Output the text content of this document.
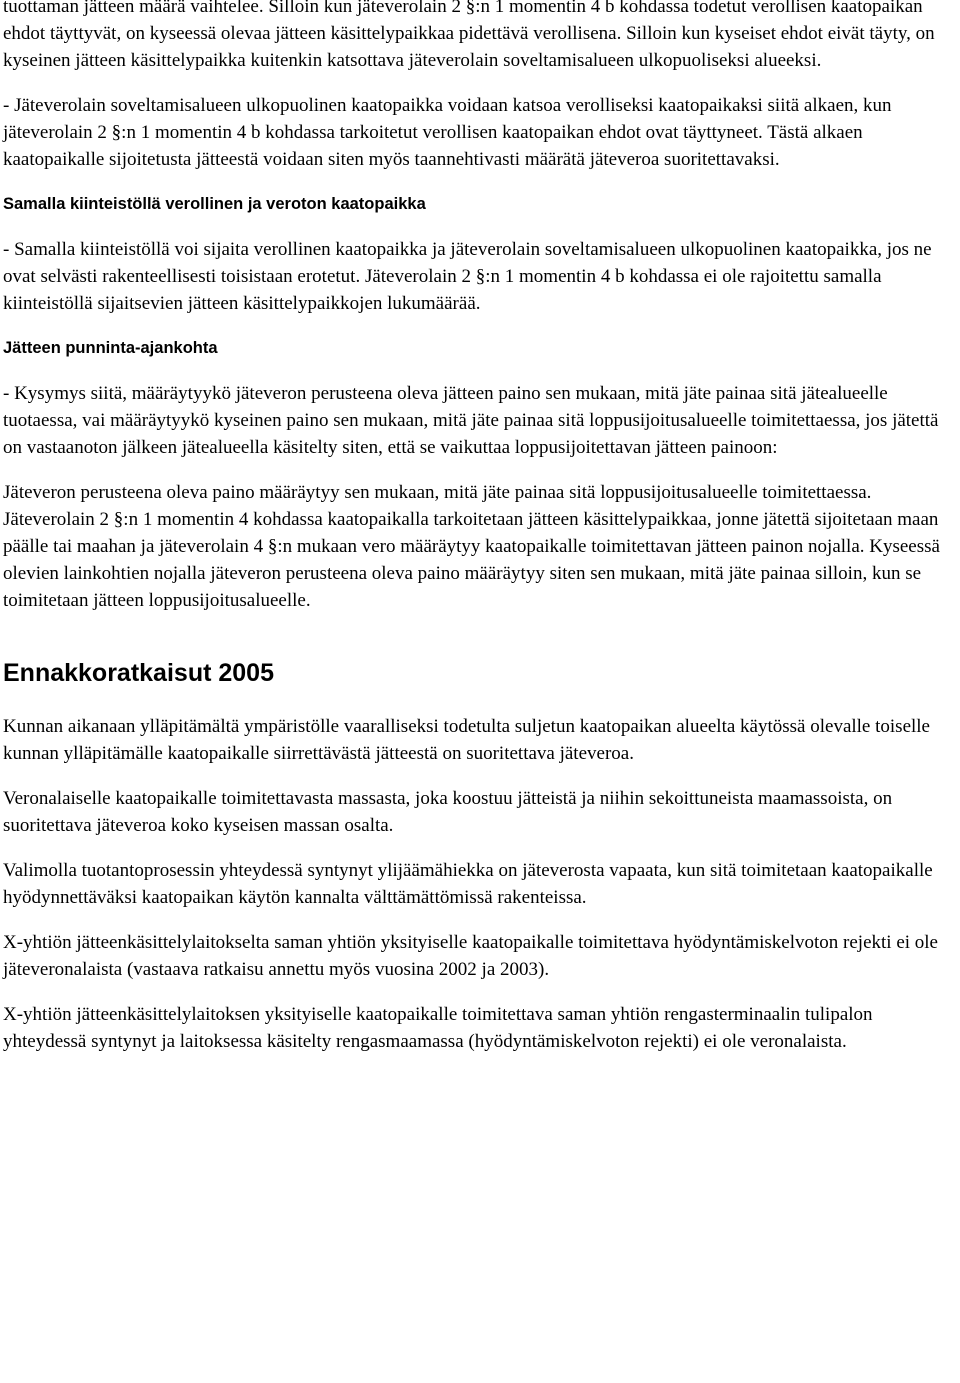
tuottaman jätteen määrä vaihtelee. Silloin kun jäteverolain 2 §:n 1 momentin 4 b kohdassa todetut verollisen kaatopaikan ehdot täyttyvät, on kyseessä olevaa jätteen käsittelypaikkaa pidettävä verollisena. Silloin kun kyseiset ehdot eivät täyty, on kyseinen jätteen käsittelypaikka kuitenkin katsottava jäteverolain soveltamisalueen ulkopuoliseksi alueeksi.

- Jäteverolain soveltamisalueen ulkopuolinen kaatopaikka voidaan katsoa verolliseksi kaatopaikaksi siitä alkaen, kun jäteverolain 2 §:n 1 momentin 4 b kohdassa tarkoitetut verollisen kaatopaikan ehdot ovat täyttyneet. Tästä alkaen kaatopaikalle sijoitetusta jätteestä voidaan siten myös taannehtivasti määrätä jäteveroa suoritettavaksi.

Samalla kiinteistöllä verollinen ja veroton kaatopaikka

- Samalla kiinteistöllä voi sijaita verollinen kaatopaikka ja jäteverolain soveltamisalueen ulkopuolinen kaatopaikka, jos ne ovat selvästi rakenteellisesti toisistaan erotetut. Jäteverolain 2 §:n 1 momentin 4 b kohdassa ei ole rajoitettu samalla kiinteistöllä sijaitsevien jätteen käsittelypaikkojen lukumäärää.

Jätteen punninta-ajankohta

- Kysymys siitä, määräytyykö jäteveron perusteena oleva jätteen paino sen mukaan, mitä jäte painaa sitä jätealueelle tuotaessa, vai määräytyykö kyseinen paino sen mukaan, mitä jäte painaa sitä loppusijoitusalueelle toimitettaessa, jos jätettä on vastaanoton jälkeen jätealueella käsitelty siten, että se vaikuttaa loppusijoitettavan jätteen painoon:

Jäteveron perusteena oleva paino määräytyy sen mukaan, mitä jäte painaa sitä loppusijoitusalueelle toimitettaessa. Jäteverolain 2 §:n 1 momentin 4 kohdassa kaatopaikalla tarkoitetaan jätteen käsittelypaikkaa, jonne jätettä sijoitetaan maan päälle tai maahan ja jäteverolain 4 §:n mukaan vero määräytyy kaatopaikalle toimitettavan jätteen painon nojalla. Kyseessä olevien lainkohtien nojalla jäteveron perusteena oleva paino määräytyy siten sen mukaan, mitä jäte painaa silloin, kun se toimitetaan jätteen loppusijoitusalueelle.

Ennakkoratkaisut 2005

Kunnan aikanaan ylläpitämältä ympäristölle vaaralliseksi todetulta suljetun kaatopaikan alueelta käytössä olevalle toiselle kunnan ylläpitämälle kaatopaikalle siirrettävästä jätteestä on suoritettava jäteveroa.

Veronalaiselle kaatopaikalle toimitettavasta massasta, joka koostuu jätteistä ja niihin sekoittuneista maamassoista, on suoritettava jäteveroa koko kyseisen massan osalta.

Valimolla tuotantoprosessin yhteydessä syntynyt ylijäämähiekka on jäteverosta vapaata, kun sitä toimitetaan kaatopaikalle hyödynnettäväksi kaatopaikan käytön kannalta välttämättömissä rakenteissa.

X-yhtiön jätteenkäsittelylaitokselta saman yhtiön yksityiselle kaatopaikalle toimitettava hyödyntämiskelvoton rejekti ei ole jäteveronalaista (vastaava ratkaisu annettu myös vuosina 2002 ja 2003).

X-yhtiön jätteenkäsittelylaitoksen yksityiselle kaatopaikalle toimitettava saman yhtiön rengasterminaalin tulipalon yhteydessä syntynyt ja laitoksessa käsitelty rengasmaamassa (hyödyntämiskelvoton rejekti) ei ole veronalaista.
